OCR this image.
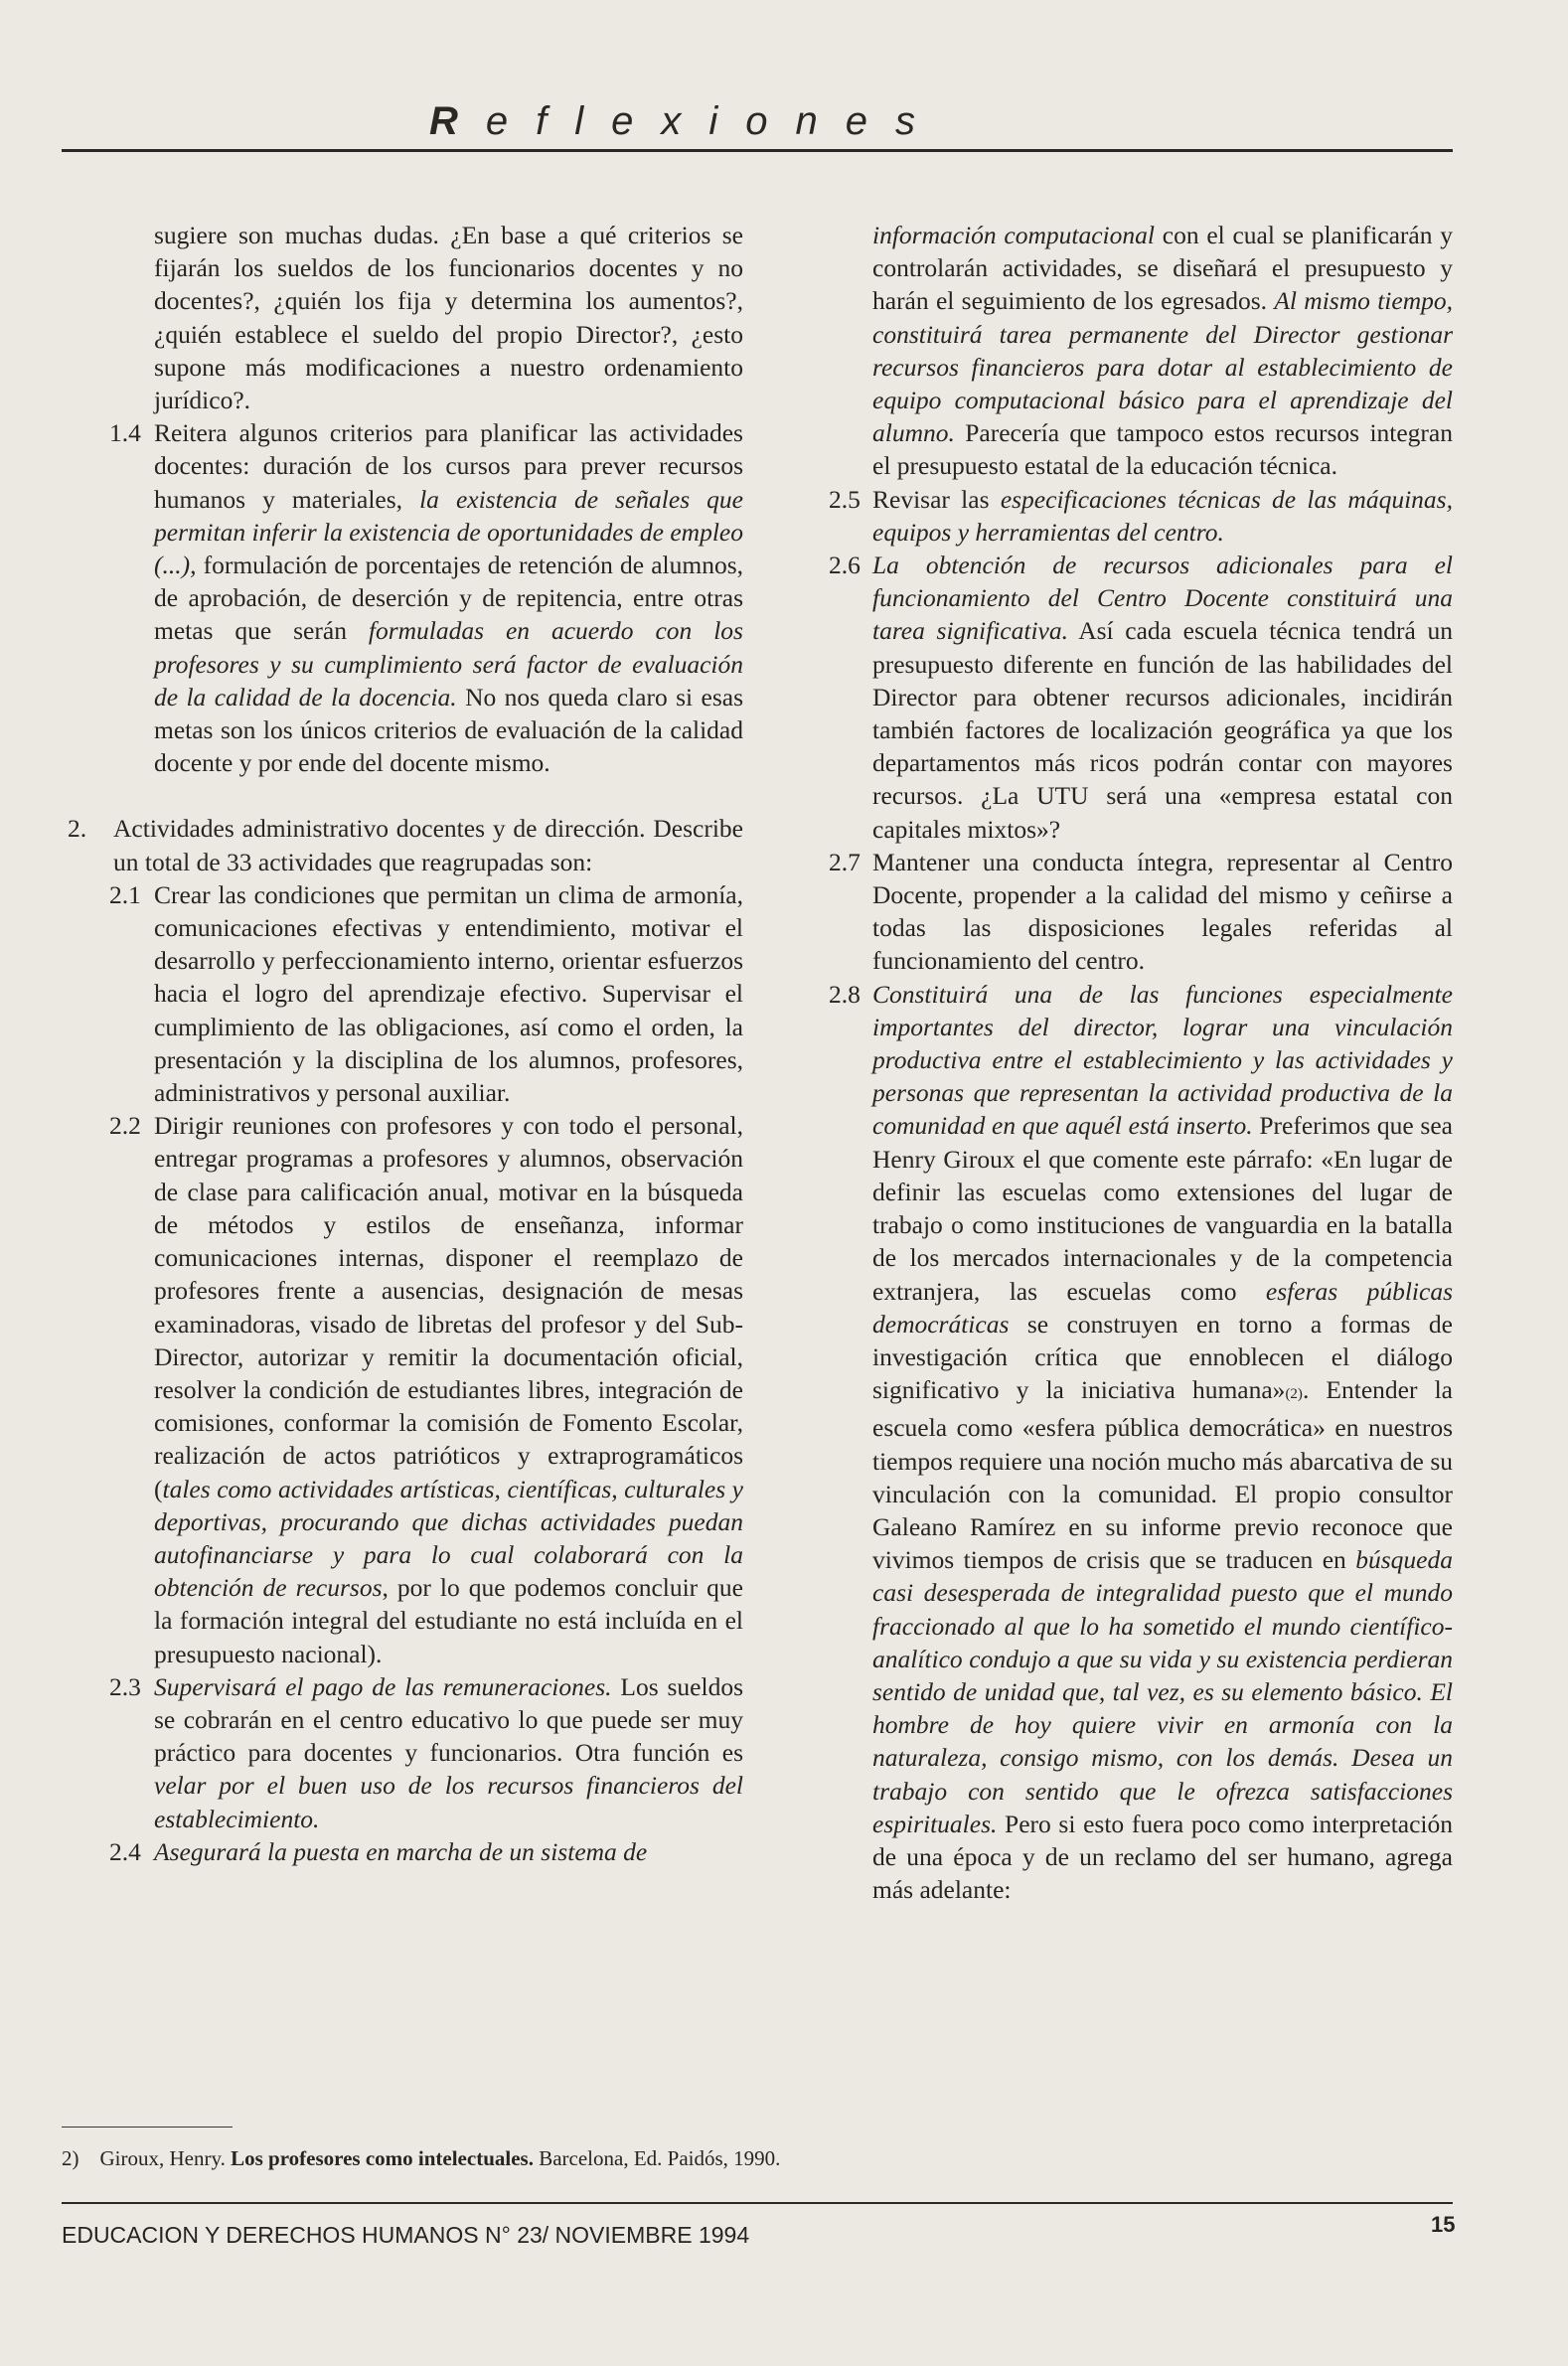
Reflexiones

sugiere son muchas dudas. ¿En base a qué criterios se fijarán los sueldos de los funcionarios docentes y no docentes?, ¿quién los fija y determina los aumentos?, ¿quién establece el sueldo del propio Director?, ¿esto supone más modificaciones a nuestro ordenamiento jurídico?.

1.4 Reitera algunos criterios para planificar las actividades docentes: duración de los cursos para prever recursos humanos y materiales, la existencia de señales que permitan inferir la existencia de oportunidades de empleo (...), formulación de porcentajes de retención de alumnos, de aprobación, de deserción y de repitencia, entre otras metas que serán formuladas en acuerdo con los profesores y su cumplimiento será factor de evaluación de la calidad de la docencia. No nos queda claro si esas metas son los únicos criterios de evaluación de la calidad docente y por ende del docente mismo.

2. Actividades administrativo docentes y de dirección. Describe un total de 33 actividades que reagrupadas son:

2.1 Crear las condiciones que permitan un clima de armonía, comunicaciones efectivas y entendimiento, motivar el desarrollo y perfeccionamiento interno, orientar esfuerzos hacia el logro del aprendizaje efectivo. Supervisar el cumplimiento de las obligaciones, así como el orden, la presentación y la disciplina de los alumnos, profesores, administrativos y personal auxiliar.

2.2 Dirigir reuniones con profesores y con todo el personal, entregar programas a profesores y alumnos, observación de clase para calificación anual, motivar en la búsqueda de métodos y estilos de enseñanza, informar comunicaciones internas, disponer el reemplazo de profesores frente a ausencias, designación de mesas examinadoras, visado de libretas del profesor y del Sub-Director, autorizar y remitir la documentación oficial, resolver la condición de estudiantes libres, integración de comisiones, conformar la comisión de Fomento Escolar, realización de actos patrióticos y extraprogramáticos (tales como actividades artísticas, científicas, culturales y deportivas, procurando que dichas actividades puedan autofinanciarse y para lo cual colaborará con la obtención de recursos, por lo que podemos concluir que la formación integral del estudiante no está incluída en el presupuesto nacional).

2.3 Supervisará el pago de las remuneraciones. Los sueldos se cobrarán en el centro educativo lo que puede ser muy práctico para docentes y funcionarios. Otra función es velar por el buen uso de los recursos financieros del establecimiento.

2.4 Asegurará la puesta en marcha de un sistema de

información computacional con el cual se planificarán y controlarán actividades, se diseñará el presupuesto y harán el seguimiento de los egresados. Al mismo tiempo, constituirá tarea permanente del Director gestionar recursos financieros para dotar al establecimiento de equipo computacional básico para el aprendizaje del alumno. Parecería que tampoco estos recursos integran el presupuesto estatal de la educación técnica.

2.5 Revisar las especificaciones técnicas de las máquinas, equipos y herramientas del centro.

2.6 La obtención de recursos adicionales para el funcionamiento del Centro Docente constituirá una tarea significativa. Así cada escuela técnica tendrá un presupuesto diferente en función de las habilidades del Director para obtener recursos adicionales, incidirán también factores de localización geográfica ya que los departamentos más ricos podrán contar con mayores recursos. ¿La UTU será una «empresa estatal con capitales mixtos»?

2.7 Mantener una conducta íntegra, representar al Centro Docente, propender a la calidad del mismo y ceñirse a todas las disposiciones legales referidas al funcionamiento del centro.

2.8 Constituirá una de las funciones especialmente importantes del director, lograr una vinculación productiva entre el establecimiento y las actividades y personas que representan la actividad productiva de la comunidad en que aquél está inserto. Preferimos que sea Henry Giroux el que comente este párrafo: «En lugar de definir las escuelas como extensiones del lugar de trabajo o como instituciones de vanguardia en la batalla de los mercados internacionales y de la competencia extranjera, las escuelas como esferas públicas democráticas se construyen en torno a formas de investigación crítica que ennoblecen el diálogo significativo y la iniciativa humana»(2). Entender la escuela como «esfera pública democrática» en nuestros tiempos requiere una noción mucho más abarcativa de su vinculación con la comunidad. El propio consultor Galeano Ramírez en su informe previo reconoce que vivimos tiempos de crisis que se traducen en búsqueda casi desesperada de integralidad puesto que el mundo fraccionado al que lo ha sometido el mundo científico-analítico condujo a que su vida y su existencia perdieran sentido de unidad que, tal vez, es su elemento básico. El hombre de hoy quiere vivir en armonía con la naturaleza, consigo mismo, con los demás. Desea un trabajo con sentido que le ofrezca satisfacciones espirituales. Pero si esto fuera poco como interpretación de una época y de un reclamo del ser humano, agrega más adelante:

2) Giroux, Henry. Los profesores como intelectuales. Barcelona, Ed. Paidós, 1990.
EDUCACION Y DERECHOS HUMANOS N° 23/ NOVIEMBRE 1994	15
